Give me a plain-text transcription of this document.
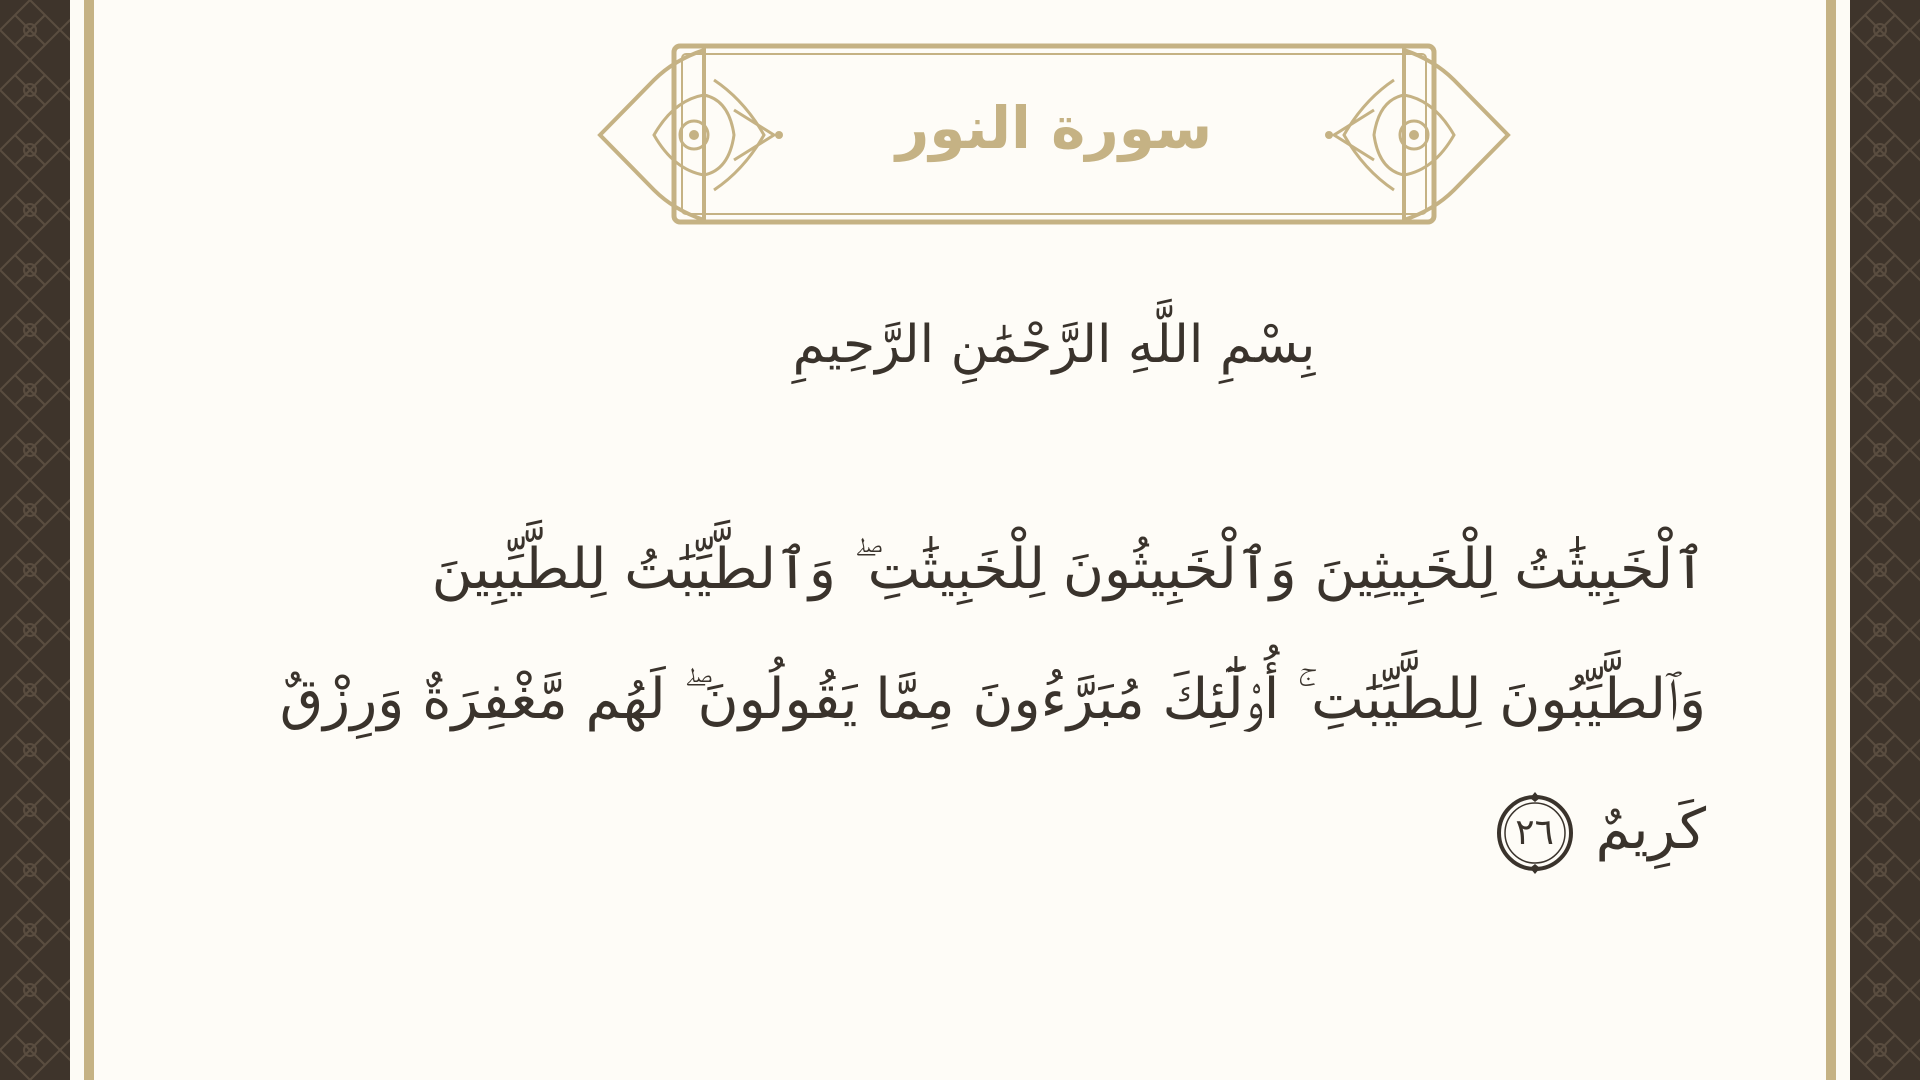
سورة النور
بِسْمِ اللَّهِ الرَّحْمَٰنِ الرَّحِيمِ
ٱلْخَبِيثَٰتُ لِلْخَبِيثِينَ وَٱلْخَبِيثُونَ لِلْخَبِيثَٰتِ ۖ وَٱلطَّيِّبَٰتُ لِلطَّيِّبِينَ
وَٱلطَّيِّبُونَ لِلطَّيِّبَٰتِ ۚ أُو۟لَٰٓئِكَ مُبَرَّءُونَ مِمَّا يَقُولُونَ ۖ لَهُم مَّغْفِرَةٌ وَرِزْقٌ
كَرِيمٌ
٢٦
